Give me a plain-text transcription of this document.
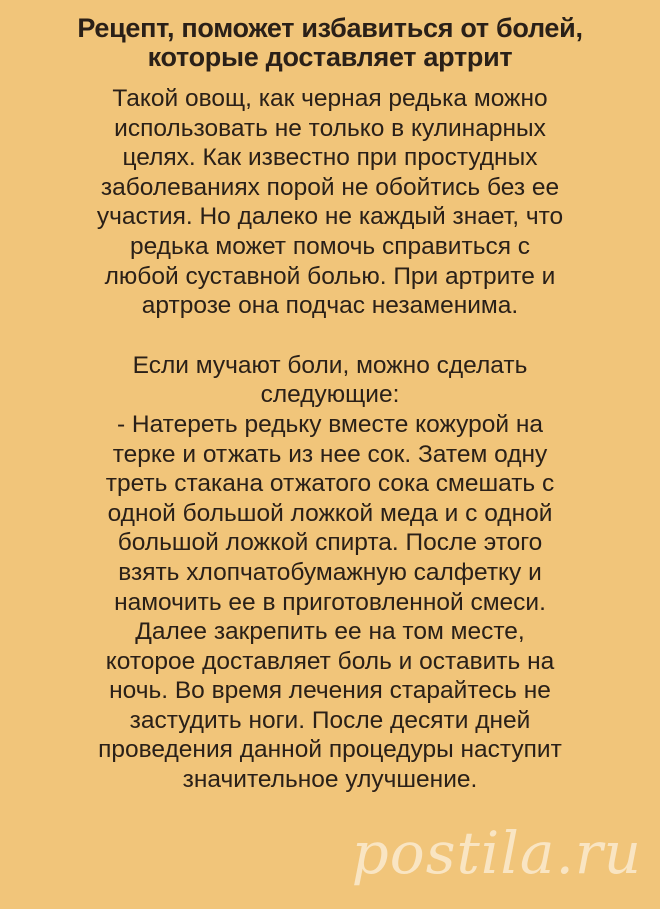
Рецепт, поможет избавиться от болей,
которые доставляет артрит

Такой овощ, как черная редька можно
использовать не только в кулинарных
целях. Как известно при простудных
заболеваниях порой не обойтись без ее
участия. Но далеко не каждый знает, что
редька может помочь справиться с
любой суставной болью. При артрите и
артрозе она подчас незаменима.

Если мучают боли, можно сделать
следующие:
- Натереть редьку вместе кожурой на
терке и отжать из нее сок. Затем одну
треть стакана отжатого сока смешать с
одной большой ложкой меда и с одной
большой ложкой спирта. После этого
взять хлопчатобумажную салфетку и
намочить ее в приготовленной смеси.
Далее закрепить ее на том месте,
которое доставляет боль и оставить на
ночь. Во время лечения старайтесь не
застудить ноги. После десяти дней
проведения данной процедуры наступит
значительное улучшение.

postila.ru
